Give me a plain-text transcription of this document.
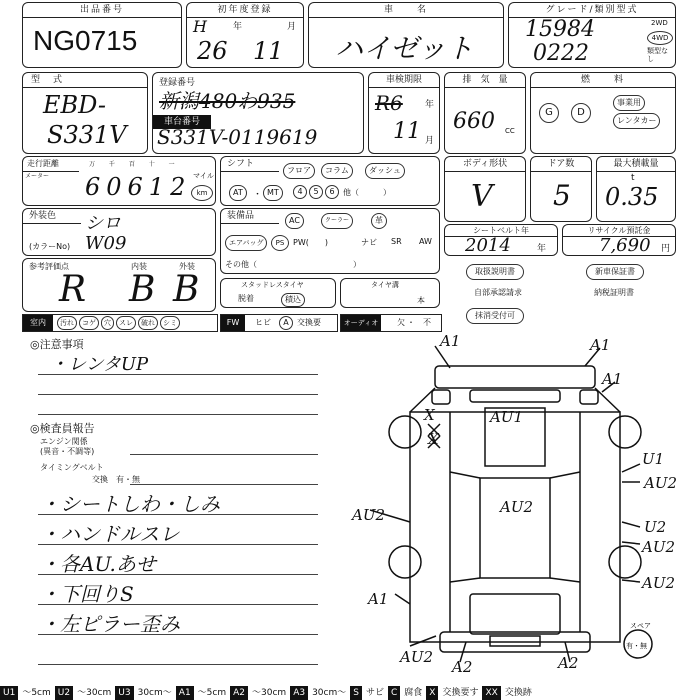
出品番号
NG0715
初年度登録
H
26 11
年	月
車　　名
ハイゼット
グレード/類別型式
15984
0222
2WD
4WD
類型なし
型　式
EBD-
S331V
登録番号
新潟480わ935
車台番号
S331V-0119619
車検期限
R6
11
年
月
排　気　量
660 CC
燃　　料
G	D
事業用
レンタカー
走行距離
メーター
万 千 百 十 一
60612 マイル
km
シフト
フロア	コラム	ダッシュ
AT	・ MT	4	5	6	他（　　　）
ボディ形状
V
ドア数
5
最大積載量
t
0.35
外装色	シロ
(カラーNo) W09
装備品	AC	クーラー	革
エアバッグ	PS	PW(　　)	ナビ SR AW
その他（　　　　　　　　　　　　）
シートベルト年
2014	年
リサイクル預託金
7,690 円
参考評価点
R
内装
B
外装
B	スタッドレスタイヤ
脱着	積込
タイヤ溝
本
取扱説明書	新車保証書
自部承認請求	納税証明書
抹消受付可
室内	汚れ	コゲ	穴	スレ	破れ	シミ	FW	ヒビ	A	交換要	オーディオ	欠 ・　不
◎注意事項
・レンタUP
◎検査員報告
エンジン関係
(異音・不調等)
タイミングベルト
交換　有・無
・シートしわ・しみ
・ハンドルスレ
・各AU.あせ
・下回りS
・左ピラー歪み
A1	A1
A1
AU1
X
X
U1
AU2
AU2
U2
AU2
AU2
AU2
A1
AU2
A2	A2
スペア
有・無
U1 ～5cm U2 ～30cm U3 30cm～ A1 ～5cm A2 ～30cm A3 30cm～ S サビ C 腐食 X 交換要す XX 交換跡
